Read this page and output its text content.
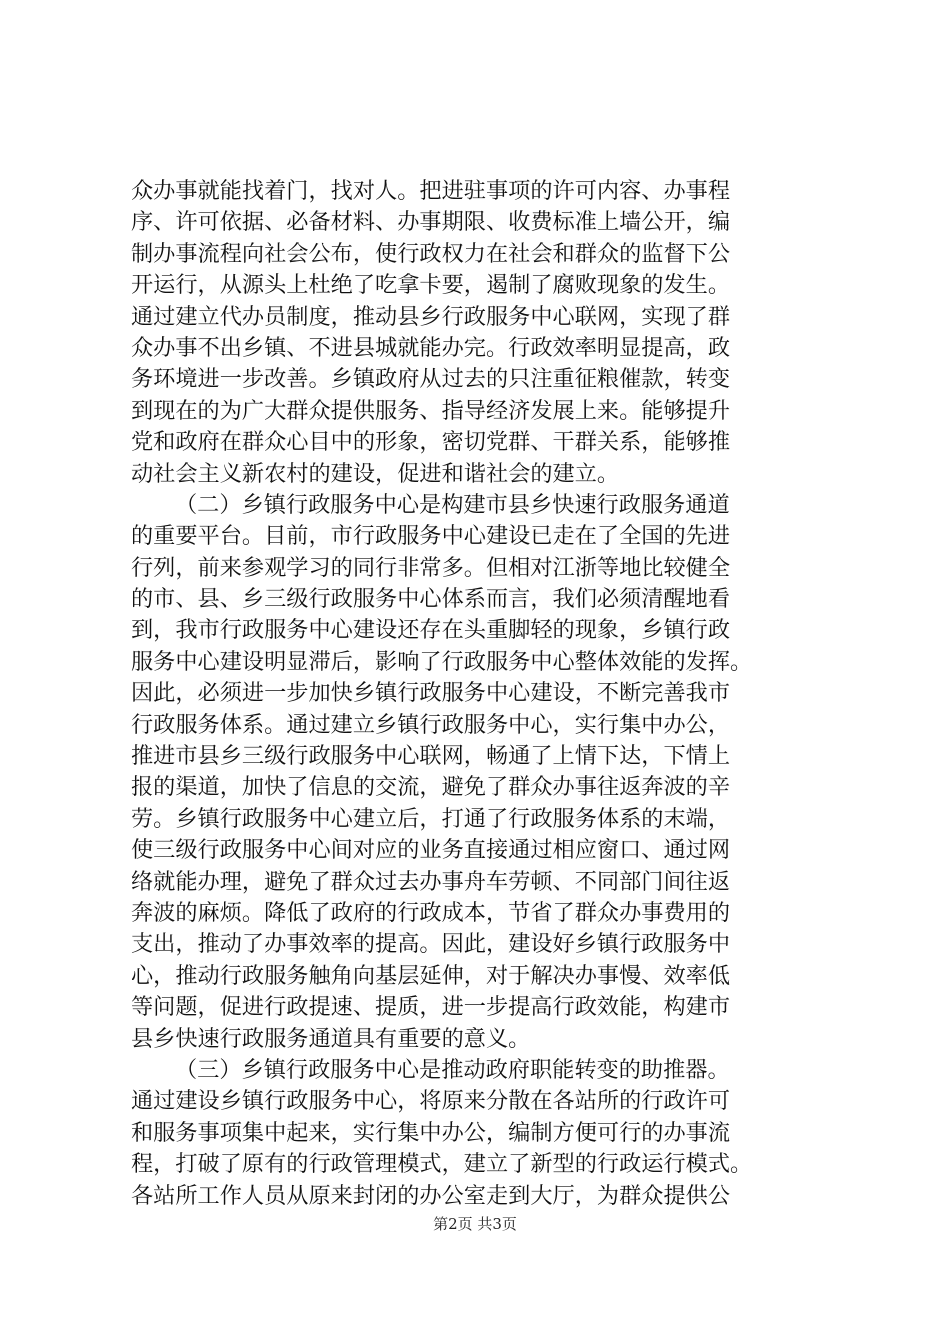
众办事就能找着门，找对人。把进驻事项的许可内容、办事程
序、许可依据、必备材料、办事期限、收费标准上墙公开，编
制办事流程向社会公布，使行政权力在社会和群众的监督下公
开运行，从源头上杜绝了吃拿卡要，遏制了腐败现象的发生。
通过建立代办员制度，推动县乡行政服务中心联网，实现了群
众办事不出乡镇、不进县城就能办完。行政效率明显提高，政
务环境进一步改善。乡镇政府从过去的只注重征粮催款，转变
到现在的为广大群众提供服务、指导经济发展上来。能够提升
党和政府在群众心目中的形象，密切党群、干群关系，能够推
动社会主义新农村的建设，促进和谐社会的建立。
（二）乡镇行政服务中心是构建市县乡快速行政服务通道
的重要平台。目前，市行政服务中心建设已走在了全国的先进
行列，前来参观学习的同行非常多。但相对江浙等地比较健全
的市、县、乡三级行政服务中心体系而言，我们必须清醒地看
到，我市行政服务中心建设还存在头重脚轻的现象，乡镇行政
服务中心建设明显滞后，影响了行政服务中心整体效能的发挥。
因此，必须进一步加快乡镇行政服务中心建设，不断完善我市
行政服务体系。通过建立乡镇行政服务中心，实行集中办公，
推进市县乡三级行政服务中心联网，畅通了上情下达，下情上
报的渠道，加快了信息的交流，避免了群众办事往返奔波的辛
劳。乡镇行政服务中心建立后，打通了行政服务体系的末端，
使三级行政服务中心间对应的业务直接通过相应窗口、通过网
络就能办理，避免了群众过去办事舟车劳顿、不同部门间往返
奔波的麻烦。降低了政府的行政成本，节省了群众办事费用的
支出，推动了办事效率的提高。因此，建设好乡镇行政服务中
心，推动行政服务触角向基层延伸，对于解决办事慢、效率低
等问题，促进行政提速、提质，进一步提高行政效能，构建市
县乡快速行政服务通道具有重要的意义。
（三）乡镇行政服务中心是推动政府职能转变的助推器。
通过建设乡镇行政服务中心，将原来分散在各站所的行政许可
和服务事项集中起来，实行集中办公，编制方便可行的办事流
程，打破了原有的行政管理模式，建立了新型的行政运行模式。
各站所工作人员从原来封闭的办公室走到大厅，为群众提供公
第2页 共3页
